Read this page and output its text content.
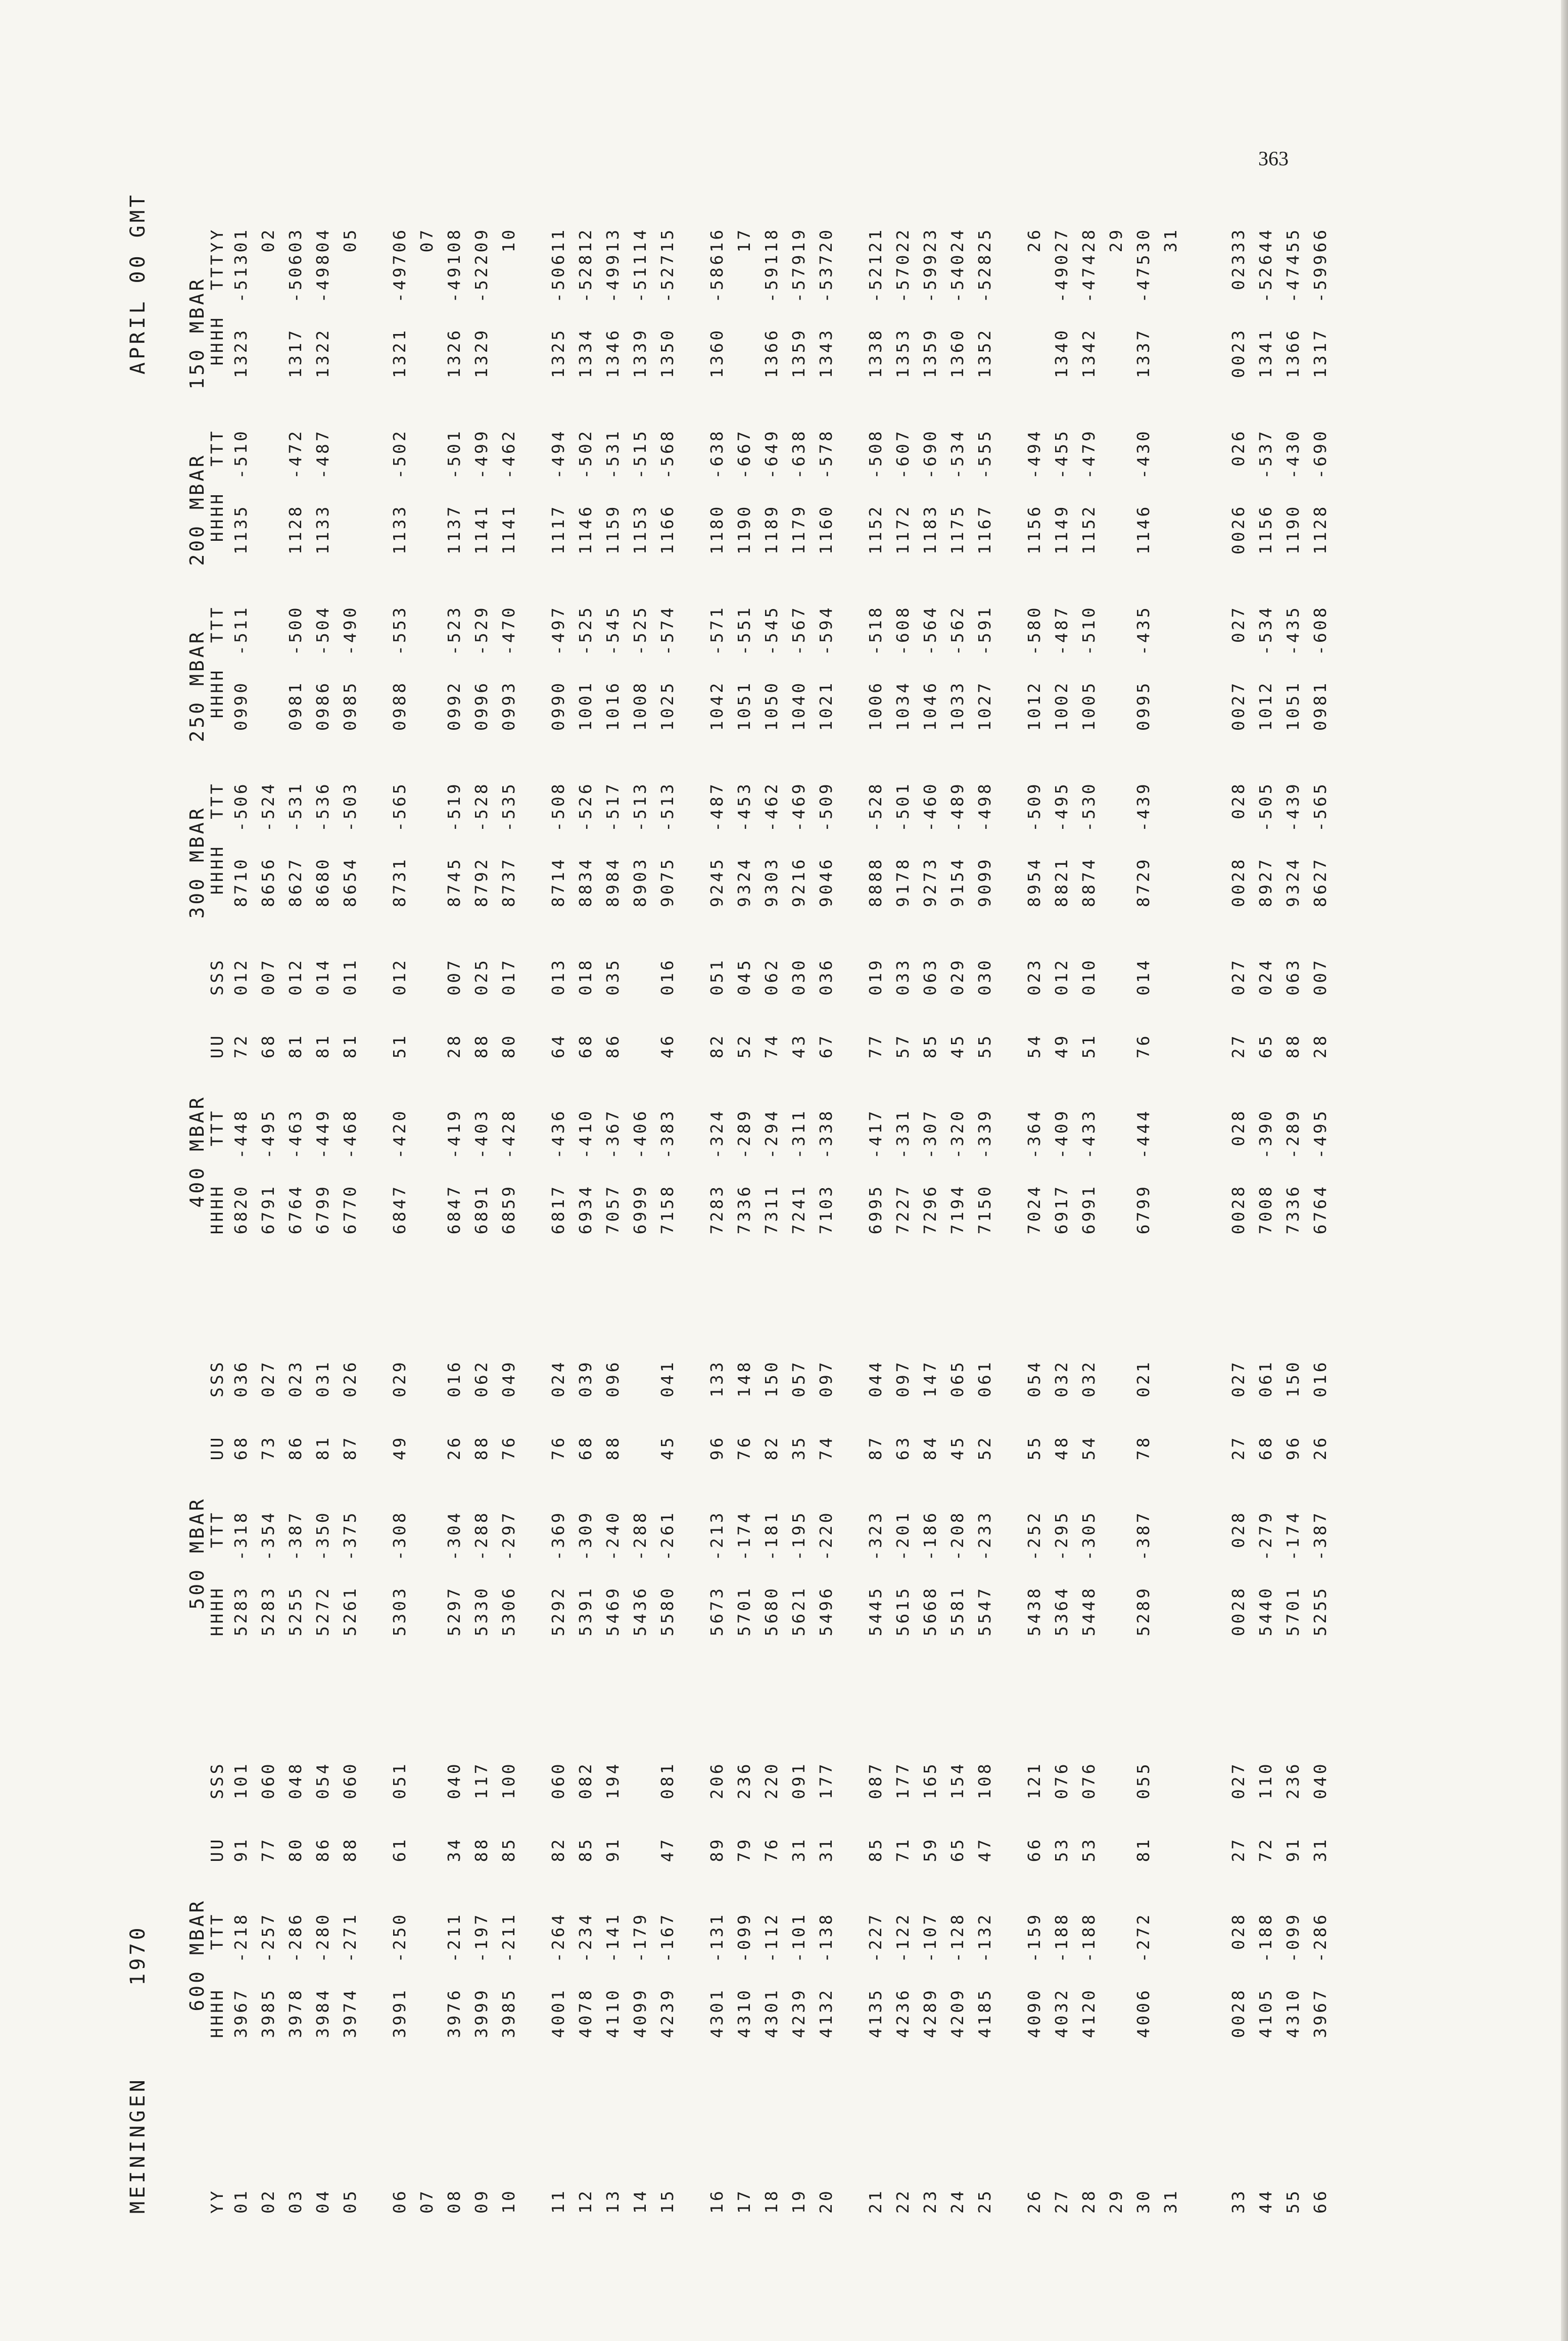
363
MEININGEN      1970
APRIL 00 GMT
	600 MBAR					500 MBAR					400 MBAR					300 MBAR		250 MBAR		200 MBAR		150 MBAR	
YY	HHHH	TTT	UU	SSS		HHHH	TTT	UU	SSS		HHHH	TTT	UU	SSS		HHHH  TTT		HHHH  TTT		HHHH  TTT		HHHH  TTT	YY
01	3967	-218	91	101		5283	-318	68	036		6820	-448	72	012		8710  -506		0990  -511		1135  -510		1323  -513	01
02	3985	-257	77	060		5283	-354	73	027		6791	-495	68	007		8656  -524							02
03	3978	-286	80	048		5255	-387	86	023		6764	-463	81	012		8627  -531		0981  -500		1128  -472		1317  -506	03
04	3984	-280	86	054		5272	-350	81	031		6799	-449	81	014		8680  -536		0986  -504		1133  -487		1322  -498	04
05	3974	-271	88	060		5261	-375	87	026		6770	-468	81	011		8654  -503		0985  -490					05
06	3991	-250	61	051		5303	-308	49	029		6847	-420	51	012		8731  -565		0988  -553		1133  -502		1321  -497	06
07																							07
08	3976	-211	34	040		5297	-304	26	016		6847	-419	28	007		8745  -519		0992  -523		1137  -501		1326  -491	08
09	3999	-197	88	117		5330	-288	88	062		6891	-403	88	025		8792  -528		0996  -529		1141  -499		1329  -522	09
10	3985	-211	85	100		5306	-297	76	049		6859	-428	80	017		8737  -535		0993  -470		1141  -462			10
11	4001	-264	82	060		5292	-369	76	024		6817	-436	64	013		8714  -508		0990  -497		1117  -494		1325  -506	11
12	4078	-234	85	082		5391	-309	68	039		6934	-410	68	018		8834  -526		1001  -525		1146  -502		1334  -528	12
13	4110	-141	91	194		5469	-240	88	096		7057	-367	86	035		8984  -517		1016  -545		1159  -531		1346  -499	13
14	4099	-179				5436	-288				6999	-406				8903  -513		1008  -525		1153  -515		1339  -511	14
15	4239	-167	47	081		5580	-261	45	041		7158	-383	46	016		9075  -513		1025  -574		1166  -568		1350  -527	15
16	4301	-131	89	206		5673	-213	96	133		7283	-324	82	051		9245  -487		1042  -571		1180  -638		1360  -586	16
17	4310	-099	79	236		5701	-174	76	148		7336	-289	52	045		9324  -453		1051  -551		1190  -667			17
18	4301	-112	76	220		5680	-181	82	150		7311	-294	74	062		9303  -462		1050  -545		1189  -649		1366  -591	18
19	4239	-101	31	091		5621	-195	35	057		7241	-311	43	030		9216  -469		1040  -567		1179  -638		1359  -579	19
20	4132	-138	31	177		5496	-220	74	097		7103	-338	67	036		9046  -509		1021  -594		1160  -578		1343  -537	20
21	4135	-227	85	087		5445	-323	87	044		6995	-417	77	019		8888  -528		1006  -518		1152  -508		1338  -521	21
22	4236	-122	71	177		5615	-201	63	097		7227	-331	57	033		9178  -501		1034  -608		1172  -607		1353  -570	22
23	4289	-107	59	165		5668	-186	84	147		7296	-307	85	063		9273  -460		1046  -564		1183  -690		1359  -599	23
24	4209	-128	65	154		5581	-208	45	065		7194	-320	45	029		9154  -489		1033  -562		1175  -534		1360  -540	24
25	4185	-132	47	108		5547	-233	52	061		7150	-339	55	030		9099  -498		1027  -591		1167  -555		1352  -528	25
26	4090	-159	66	121		5438	-252	55	054		7024	-364	54	023		8954  -509		1012  -580		1156  -494			26
27	4032	-188	53	076		5364	-295	48	032		6917	-409	49	012		8821  -495		1002  -487		1149  -455		1340  -490	27
28	4120	-188	53	076		5448	-305	54	032		6991	-433	51	010		8874  -530		1005  -510		1152  -479		1342  -474	28
29																							29
30	4006	-272	81	055		5289	-387	78	021		6799	-444	76	014		8729  -439		0995  -435		1146  -430		1337  -475	30
31																							31
33	0028	028	27	027		0028	028	27	027		0028	028	27	027		0028   028		0027   027		0026   026		0023   023	33
44	4105	-188	72	110		5440	-279	68	061		7008	-390	65	024		8927  -505		1012  -534		1156  -537		1341  -526	44
55	4310	-099	91	236		5701	-174	96	150		7336	-289	88	063		9324  -439		1051  -435		1190  -430		1366  -474	55
66	3967	-286	31	040		5255	-387	26	016		6764	-495	28	007		8627  -565		0981  -608		1128  -690		1317  -599	66
